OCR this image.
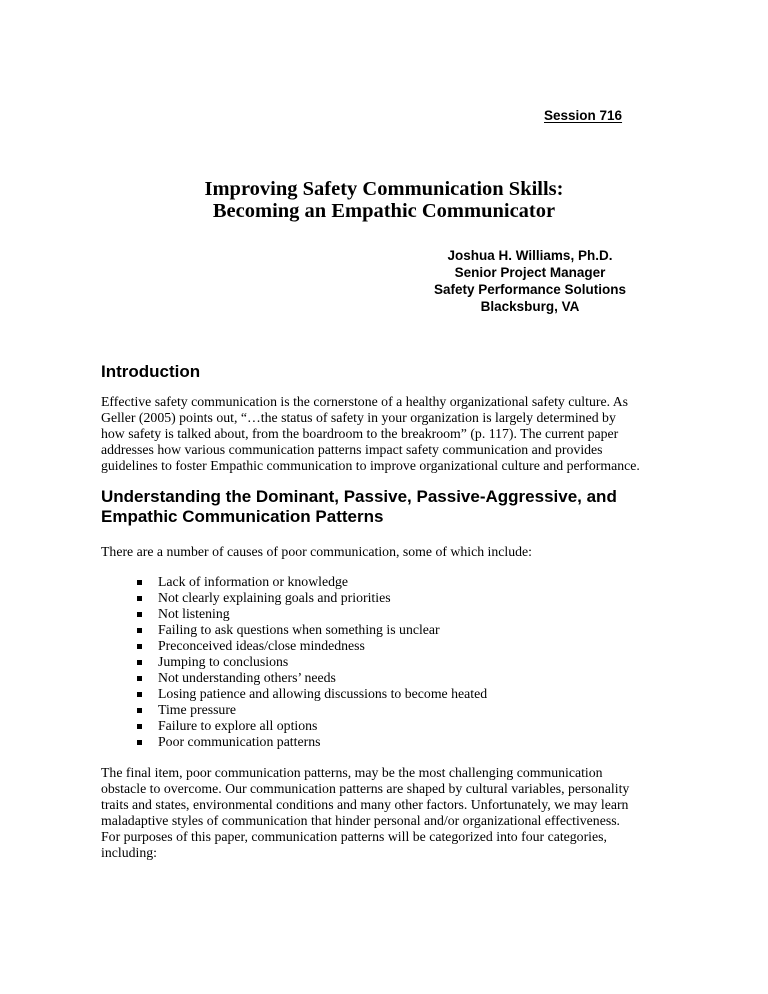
Session 716
Improving Safety Communication Skills:
Becoming an Empathic Communicator
Joshua H. Williams, Ph.D.
Senior Project Manager
Safety Performance Solutions
Blacksburg, VA
Introduction
Effective safety communication is the cornerstone of a healthy organizational safety culture. As
Geller (2005) points out, “…the status of safety in your organization is largely determined by
how safety is talked about, from the boardroom to the breakroom” (p. 117). The current paper
addresses how various communication patterns impact safety communication and provides
guidelines to foster Empathic communication to improve organizational culture and performance.
Understanding the Dominant, Passive, Passive-Aggressive, and
Empathic Communication Patterns
There are a number of causes of poor communication, some of which include:
Lack of information or knowledge
Not clearly explaining goals and priorities
Not listening
Failing to ask questions when something is unclear
Preconceived ideas/close mindedness
Jumping to conclusions
Not understanding others’ needs
Losing patience and allowing discussions to become heated
Time pressure
Failure to explore all options
Poor communication patterns
The final item, poor communication patterns, may be the most challenging communication
obstacle to overcome. Our communication patterns are shaped by cultural variables, personality
traits and states, environmental conditions and many other factors. Unfortunately, we may learn
maladaptive styles of communication that hinder personal and/or organizational effectiveness.
For purposes of this paper, communication patterns will be categorized into four categories,
including:
